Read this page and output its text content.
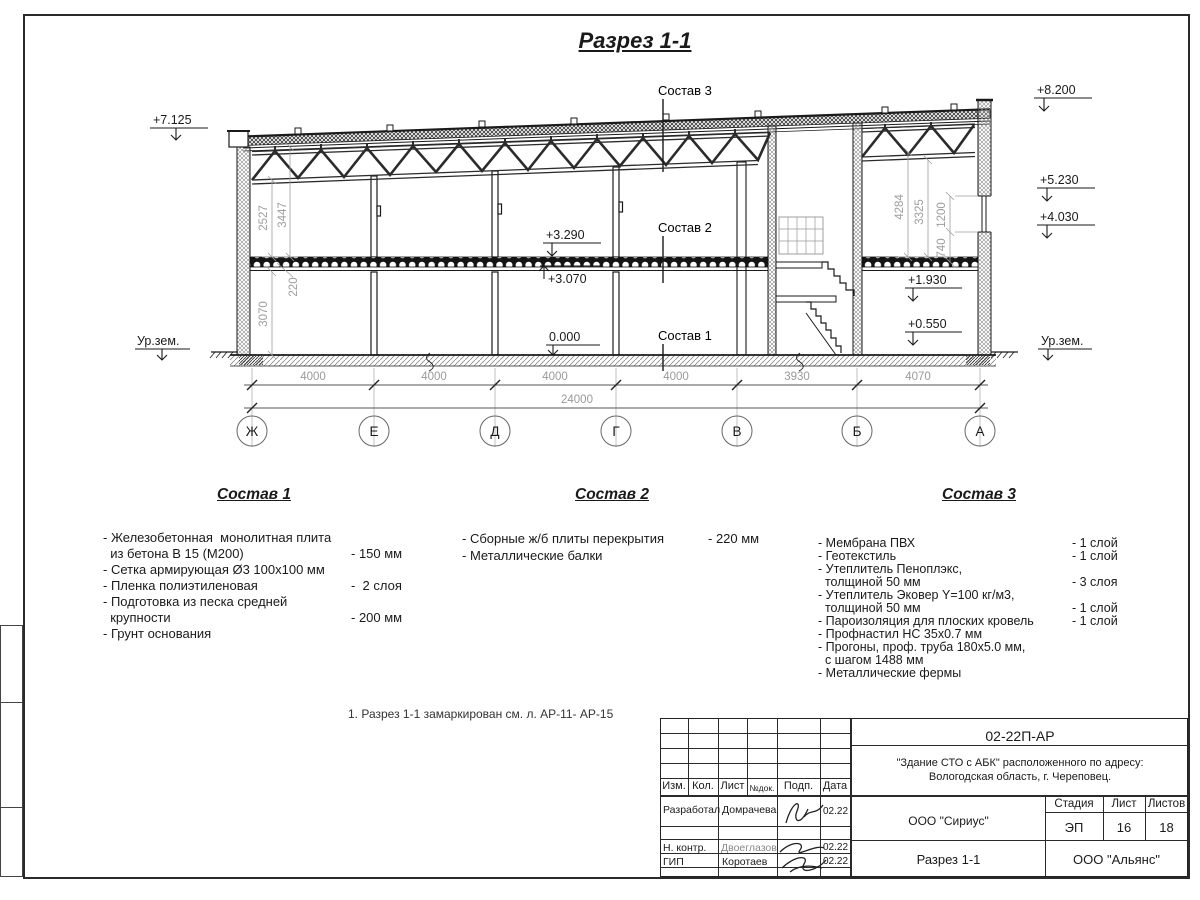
Разрез 1-1
Состав 3
Состав 2
Состав 1
+7.125
Ур.зем.
+8.200
+5.230
+4.030
Ур.зем.
+3.290
+3.070
0.000
+1.930
+0.550
2527 3447
220
3070
4284 3325 1200
740
4000	4000	4000	4000	3930	4070
24000
Ж	Е	Д	Г	В	Б	А
Состав 1
- Железобетонная  монолитная плита
из бетона В 15 (М200)	- 150 мм
- Сетка армирующая Ø3 100х100 мм
- Пленка полиэтиленовая	-  2 слоя
- Подготовка из песка средней
крупности	- 200 мм
- Грунт основания
Состав 2
- Сборные ж/б плиты перекрытия	- 220 мм
- Металлические балки
Состав 3
- Мембрана ПВХ	- 1 слой
- Геотекстиль	- 1 слой
- Утеплитель Пеноплэкс,
толщиной 50 мм	- 3 слоя
- Утеплитель Эковер Y=100 кг/м3,
толщиной 50 мм	- 1 слой
- Пароизоляция для плоских кровель	- 1 слой
- Профнастил НС 35х0.7 мм
- Прогоны, проф. труба 180х5.0 мм,
с шагом 1488 мм
- Металлические фермы
1. Разрез 1-1 замаркирован см. л. АР-11- АР-15
Изм. Кол. Лист №док. Подп. Дата
Разработал Домрачева	02.22
Н. контр. Двоеглазов	02.22
ГИП	Коротаев	02.22
02-22П-АР
"Здание СТО с АБК" расположенного по адресу:
Вологодская область, г. Череповец.
ООО "Сириус"
Стадия	Лист Листов
ЭП	16	18
Разрез 1-1	ООО "Альянс"
